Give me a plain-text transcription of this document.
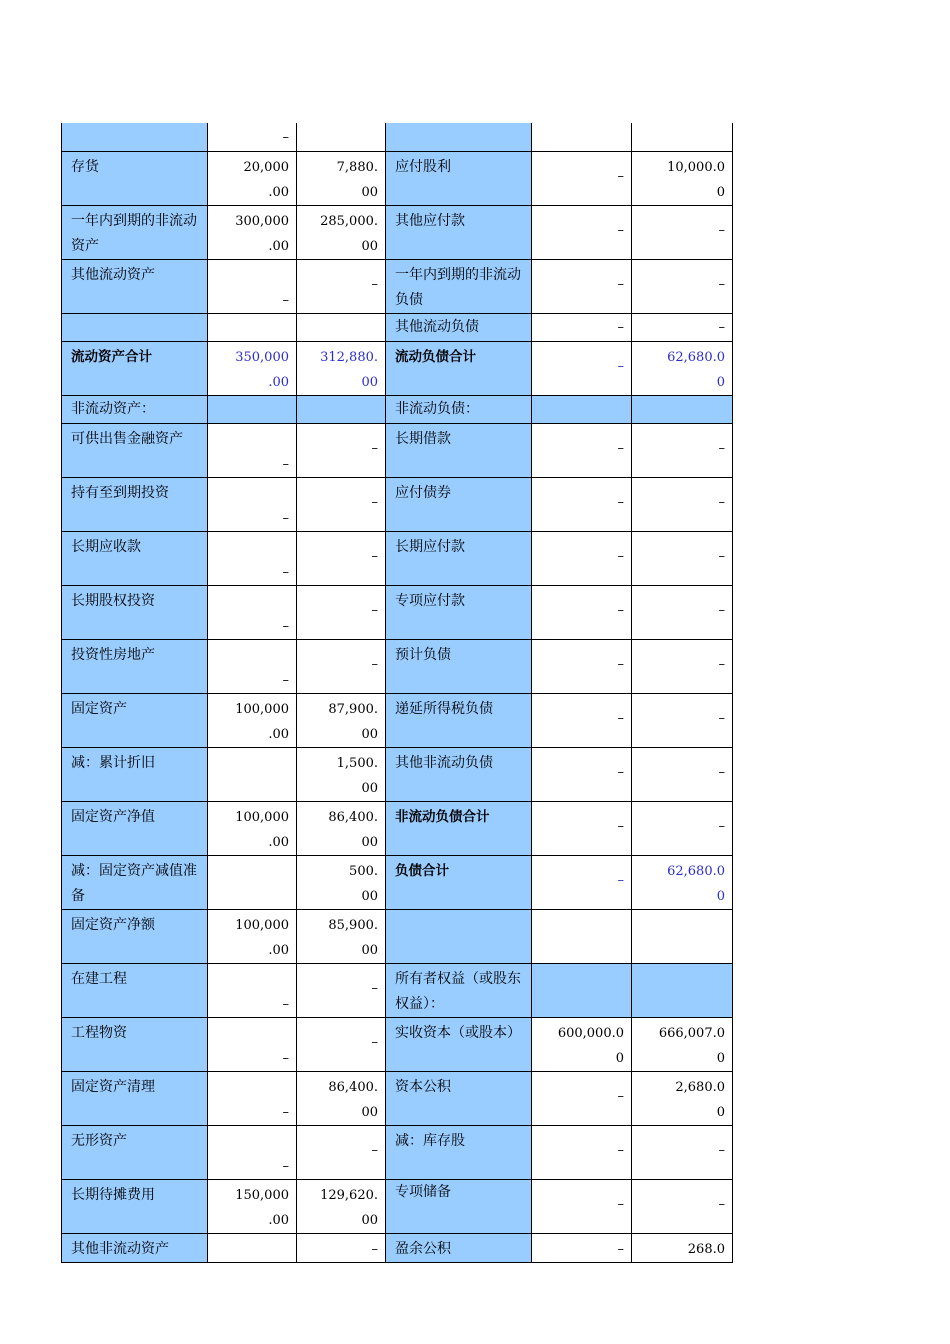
	–				

存货	20,000
.00	7,880.
00	应付股利	–	10,000.0
0

一年内到期的非流动资产	300,000
.00	285,000.
00	其他应付款	–	–

其他流动资产	–	–	一年内到期的非流动负债	–	–

			其他流动负债	–	–

流动资产合计	350,000
.00	312,880.
00	流动负债合计	–	62,680.0
0

非流动资产：			非流动负债：		

可供出售金融资产	–	–	长期借款	–	–

持有至到期投资	–	–	应付债券	–	–

长期应收款	–	–	长期应付款	–	–

长期股权投资	–	–	专项应付款	–	–

投资性房地产	–	–	预计负债	–	–

固定资产	100,000
.00	87,900.
00	递延所得税负债	–	–

减：累计折旧		1,500.
00	其他非流动负债	–	–

固定资产净值	100,000
.00	86,400.
00	非流动负债合计	–	–

减：固定资产减值准备		500.
00	负债合计	–	62,680.0
0

固定资产净额	100,000
.00	85,900.
00			

在建工程	–	–	所有者权益（或股东权益）：		

工程物资	–	–	实收资本（或股本）	600,000.0
0	666,007.0
0

固定资产清理	–	86,400.
00	资本公积	–	2,680.0
0

无形资产	–	–	减：库存股	–	–

长期待摊费用	150,000
.00	129,620.
00	专项储备	–	–

其他非流动资产		–	盈余公积	–	268.0
